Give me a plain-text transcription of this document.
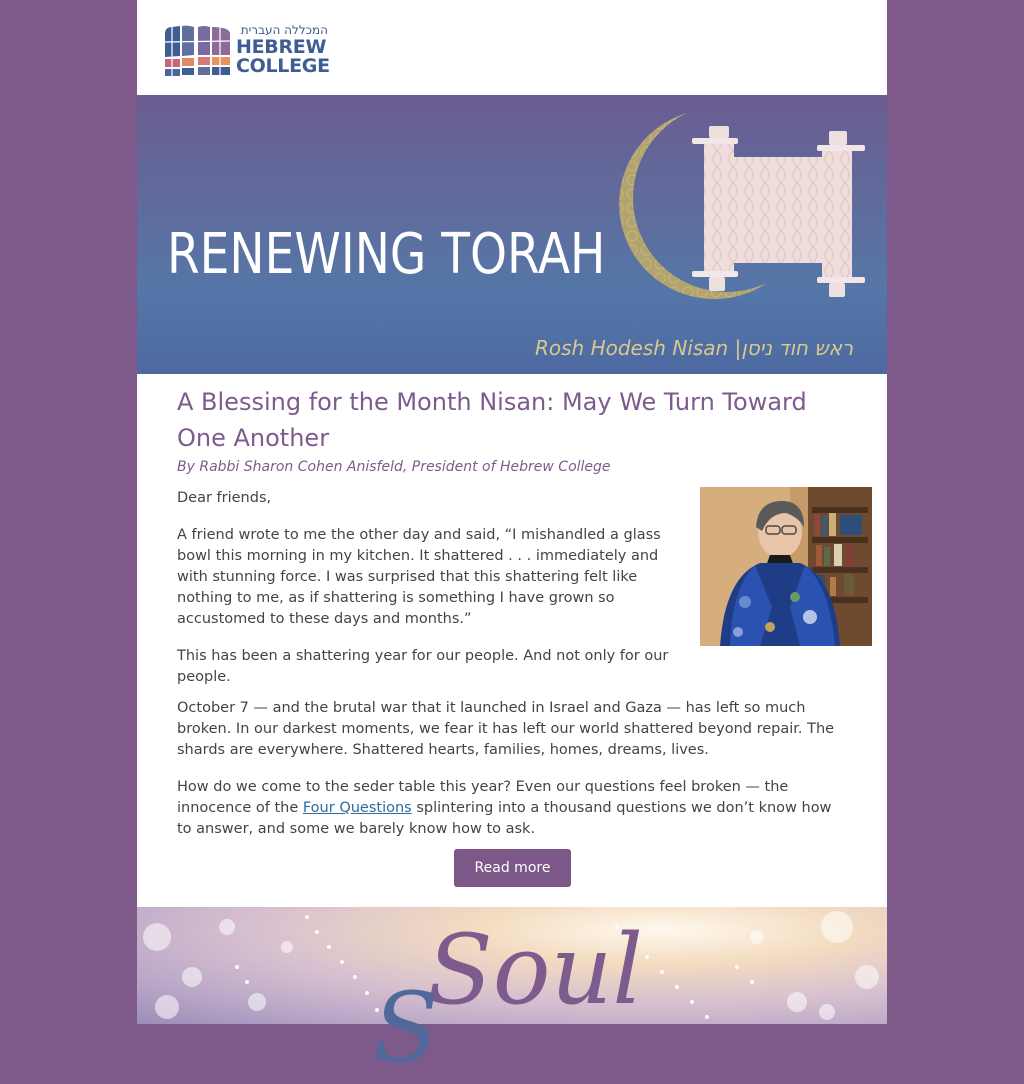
המכללה העברית
HEBREW
COLLEGE
RENEWING TORAH
Rosh Hodesh Nisan |ראש חוד ניסן
A Blessing for the Month Nisan: May We Turn Toward One Another
By Rabbi Sharon Cohen Anisfeld, President of Hebrew College
Dear friends,
A friend wrote to me the other day and said, “I mishandled a glass bowl this morning in my kitchen. It shattered . . . immediately and with stunning force. I was surprised that this shattering felt like nothing to me, as if shattering is something I have grown so accustomed to these days and months.”
This has been a shattering year for our people. And not only for our people.
October 7 — and the brutal war that it launched in Israel and Gaza — has left so much broken. In our darkest moments, we fear it has left our world shattered beyond repair. The shards are everywhere. Shattered hearts, families, homes, dreams, lives.
How do we come to the seder table this year? Even our questions feel broken — the innocence of the Four Questions splintering into a thousand questions we don’t know how to answer, and some we barely know how to ask.
Read more
Soul
S
